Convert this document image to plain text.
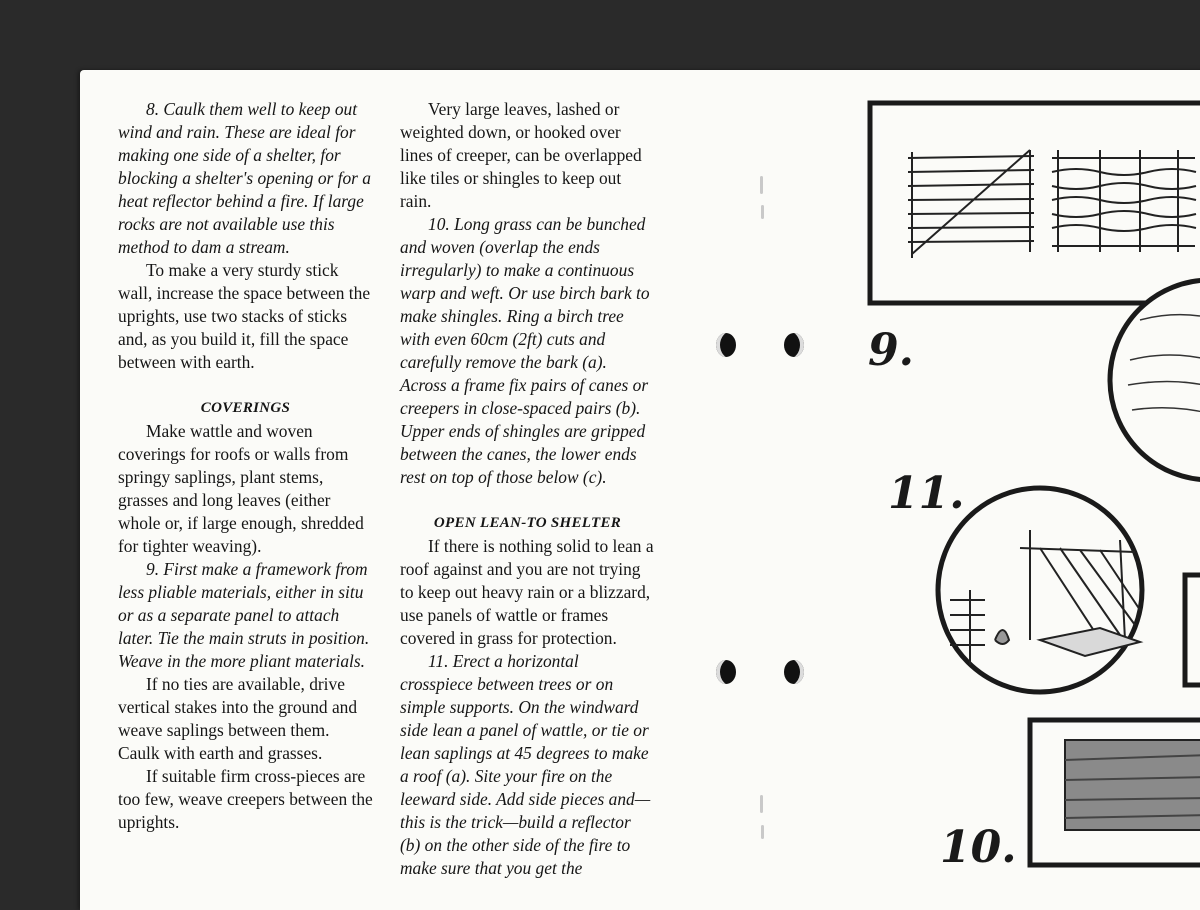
8. Caulk them well to keep out wind and rain. These are ideal for making one side of a shelter, for blocking a shelter's opening or for a heat reflector behind a fire. If large rocks are not available use this method to dam a stream.

To make a very sturdy stick wall, increase the space between the uprights, use two stacks of sticks and, as you build it, fill the space between with earth.

COVERINGS

Make wattle and woven coverings for roofs or walls from springy saplings, plant stems, grasses and long leaves (either whole or, if large enough, shredded for tighter weaving).

9. First make a framework from less pliable materials, either in situ or as a separate panel to attach later. Tie the main struts in position. Weave in the more pliant materials.

If no ties are available, drive vertical stakes into the ground and weave saplings between them. Caulk with earth and grasses.

If suitable firm cross-pieces are too few, weave creepers between the uprights.

Very large leaves, lashed or weighted down, or hooked over lines of creeper, can be overlapped like tiles or shingles to keep out rain.

10. Long grass can be bunched and woven (overlap the ends irregularly) to make a continuous warp and weft. Or use birch bark to make shingles. Ring a birch tree with even 60cm (2ft) cuts and carefully remove the bark (a). Across a frame fix pairs of canes or creepers in close-spaced pairs (b). Upper ends of shingles are gripped between the canes, the lower ends rest on top of those below (c).

OPEN LEAN-TO SHELTER

If there is nothing solid to lean a roof against and you are not trying to keep out heavy rain or a blizzard, use panels of wattle or frames covered in grass for protection.

11. Erect a horizontal crosspiece between trees or on simple supports. On the windward side lean a panel of wattle, or tie or lean saplings at 45 degrees to make a roof (a). Site your fire on the leeward side. Add side pieces and—this is the trick—build a reflector (b) on the other side of the fire to make sure that you get the

9.
11.
10.
